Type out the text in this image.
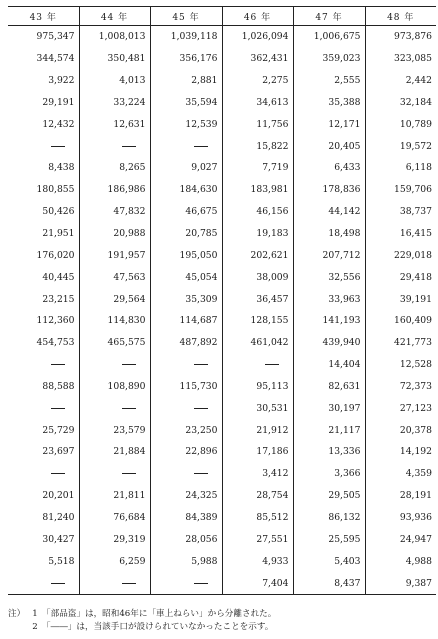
43 年	44 年	45 年	46 年	47 年	48 年
975,347	1,008,013	1,039,118	1,026,094	1,006,675	973,876
344,574	350,481	356,176	362,431	359,023	323,085
3,922	4,013	2,881	2,275	2,555	2,442
29,191	33,224	35,594	34,613	35,388	32,184
12,432	12,631	12,539	11,756	12,171	10,789
			15,822	20,405	19,572
8,438	8,265	9,027	7,719	6,433	6,118
180,855	186,986	184,630	183,981	178,836	159,706
50,426	47,832	46,675	46,156	44,142	38,737
21,951	20,988	20,785	19,183	18,498	16,415
176,020	191,957	195,050	202,621	207,712	229,018
40,445	47,563	45,054	38,009	32,556	29,418
23,215	29,564	35,309	36,457	33,963	39,191
112,360	114,830	114,687	128,155	141,193	160,409
454,753	465,575	487,892	461,042	439,940	421,773
				14,404	12,528
88,588	108,890	115,730	95,113	82,631	72,373
			30,531	30,197	27,123
25,729	23,579	23,250	21,912	21,117	20,378
23,697	21,884	22,896	17,186	13,336	14,192
			3,412	3,366	4,359
20,201	21,811	24,325	28,754	29,505	28,191
81,240	76,684	84,389	85,512	86,132	93,936
30,427	29,319	28,056	27,551	25,595	24,947
5,518	6,259	5,988	4,933	5,403	4,988
			7,404	8,437	9,387
注） 1 「部品盗」は，昭和46年に「車上ねらい」から分離された。
2 「――」は，当該手口が設けられていなかったことを示す。
